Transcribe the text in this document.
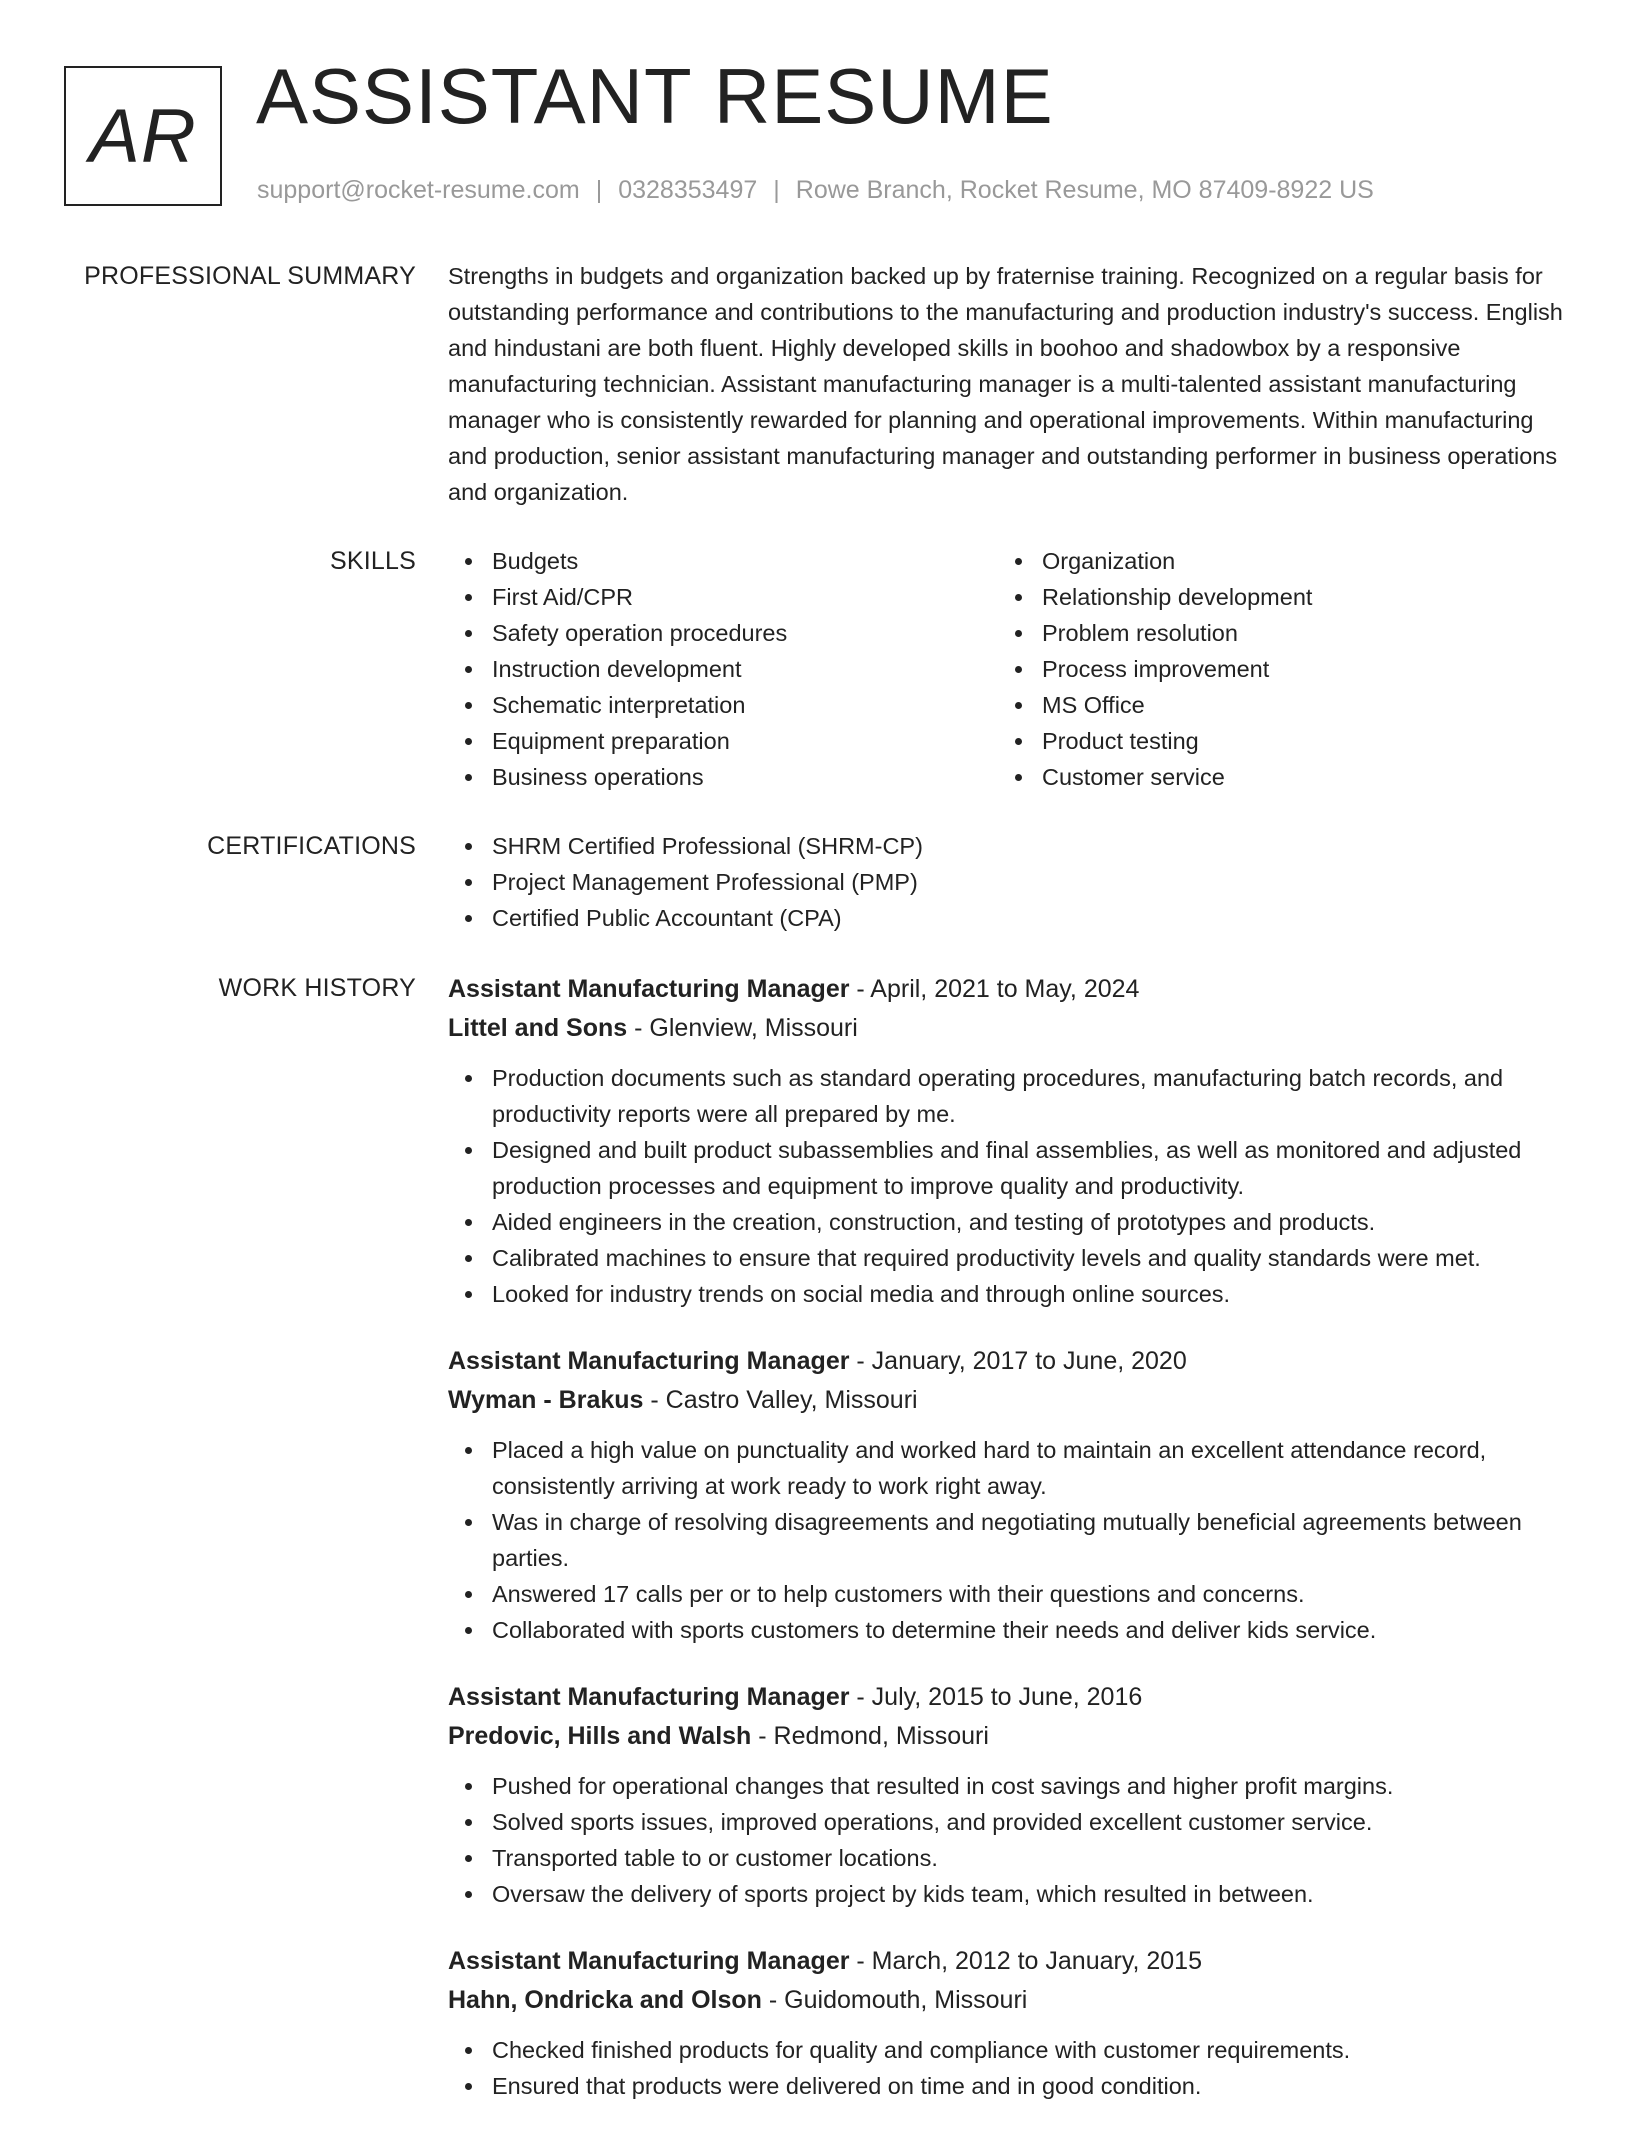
AR ASSISTANT RESUME
support@rocket-resume.com | 0328353497 | Rowe Branch, Rocket Resume, MO 87409-8922 US
PROFESSIONAL SUMMARY Strengths in budgets and organization backed up by fraternise training. Recognized on a regular basis for outstanding performance and contributions to the manufacturing and production industry's success. English and hindustani are both fluent. Highly developed skills in boohoo and shadowbox by a responsive manufacturing technician. Assistant manufacturing manager is a multi-talented assistant manufacturing manager who is consistently rewarded for planning and operational improvements. Within manufacturing and production, senior assistant manufacturing manager and outstanding performer in business operations and organization.

SKILLS	Budgets
First Aid/CPR
Safety operation procedures
Instruction development
Schematic interpretation
Equipment preparation
Business operations
Organization
Relationship development
Problem resolution
Process improvement
MS Office
Product testing
Customer service
CERTIFICATIONS	SHRM Certified Professional (SHRM-CP)
Project Management Professional (PMP)
Certified Public Accountant (CPA)
WORK HISTORY Assistant Manufacturing Manager - April, 2021 to May, 2024
Littel and Sons - Glenview, Missouri
Production documents such as standard operating procedures, manufacturing batch records, and productivity reports were all prepared by me.
Designed and built product subassemblies and final assemblies, as well as monitored and adjusted production processes and equipment to improve quality and productivity.
Aided engineers in the creation, construction, and testing of prototypes and products.
Calibrated machines to ensure that required productivity levels and quality standards were met.
Looked for industry trends on social media and through online sources.
Assistant Manufacturing Manager - January, 2017 to June, 2020
Wyman - Brakus - Castro Valley, Missouri
Placed a high value on punctuality and worked hard to maintain an excellent attendance record, consistently arriving at work ready to work right away.
Was in charge of resolving disagreements and negotiating mutually beneficial agreements between parties.
Answered 17 calls per or to help customers with their questions and concerns.
Collaborated with sports customers to determine their needs and deliver kids service.
Assistant Manufacturing Manager - July, 2015 to June, 2016
Predovic, Hills and Walsh - Redmond, Missouri
Pushed for operational changes that resulted in cost savings and higher profit margins.
Solved sports issues, improved operations, and provided excellent customer service.
Transported table to or customer locations.
Oversaw the delivery of sports project by kids team, which resulted in between.
Assistant Manufacturing Manager - March, 2012 to January, 2015
Hahn, Ondricka and Olson - Guidomouth, Missouri
Checked finished products for quality and compliance with customer requirements.
Ensured that products were delivered on time and in good condition.
